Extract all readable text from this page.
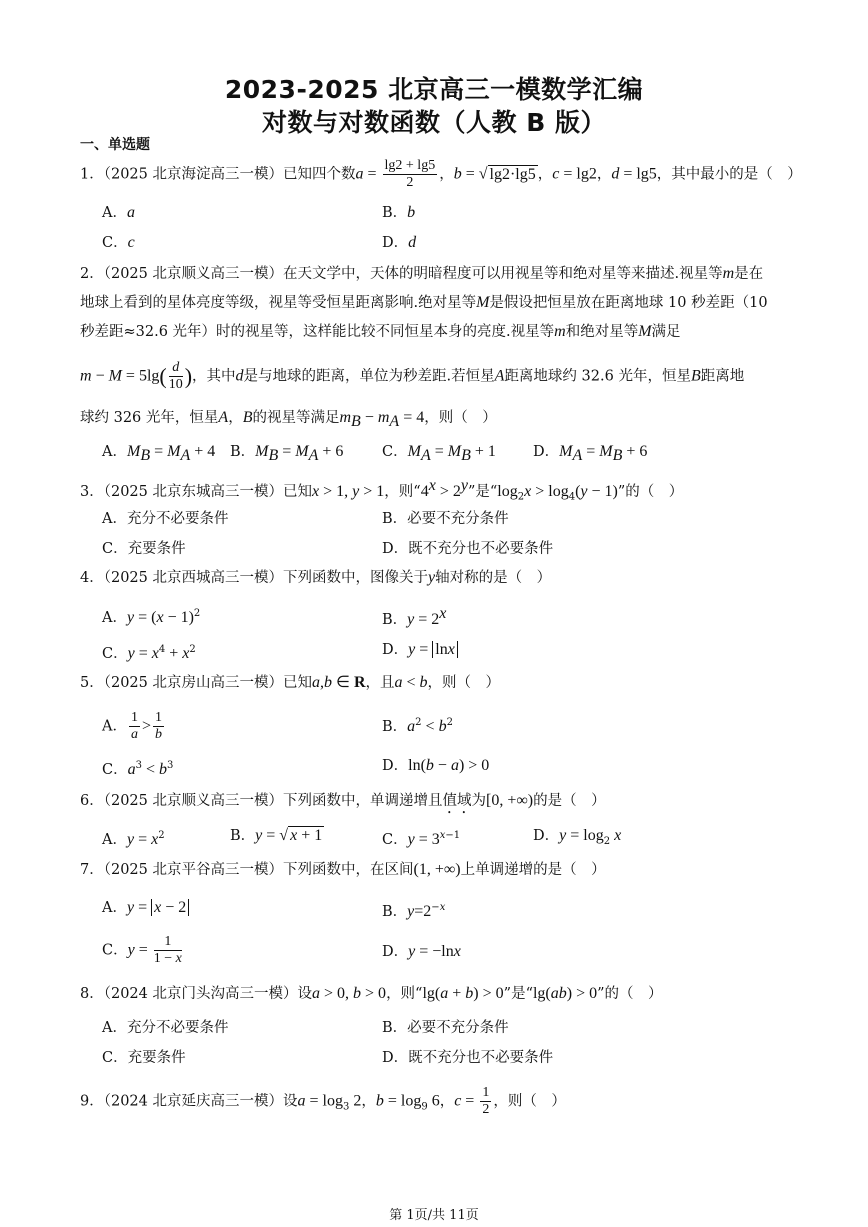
2023-2025 北京高三一模数学汇编
对数与对数函数（人教 B 版）
一、单选题
1．（2025 北京海淀高三一模）已知四个数$a = \frac{\lg 2 + \lg 5}{2}$ ，b = √ lg2·lg5 ，c = lg2，d = lg5，其中最小的是（　）
A．a	B．b
C．c	D．d
2．（2025 北京顺义高三一模）在天文学中，天体的明暗程度可以用视星等和绝对星等来描述.视星等m是在
地球上看到的星体亮度等级，视星等受恒星距离影响.绝对星等M是假设把恒星放在距离地球 10 秒差距（10
秒差距≈32.6 光年）时的视星等，这样能比较不同恒星本身的亮度.视星等m和绝对星等M满足
$m - M = 5\lg( \frac{d}{10}$ )，其中d是与地球的距离，单位为秒差距.若恒星A距离地球约 32.6 光年，恒星B距离地
球约 326 光年，恒星A，B的视星等满足$m_B - m_A = 4$，则（　）
A．$M_B = M_A + 4$ B．$M_B = M_A + 6$	C．$M_A = M_B + 1$	D．$M_A = M_B + 6$
3．（2025 北京东城高三一模）已知x > 1, y > 1，则“$4^x > 2^y$”是“$\log_2x > \log_4(y - 1)$”的（　）
A．充分不必要条件	B．必要不充分条件
C．充要条件	D．既不充分也不必要条件
4．（2025 北京西城高三一模）下列函数中，图像关于y轴对称的是（　）
A．$y = (x - 1)^2$	B．$y = 2^x$
C．$y = x^4 + x^2$	D．y = lnx
5．（2025 北京房山高三一模）已知a,b ∈ R，且a < b，则（　）
A． $\frac{1}{a} > \frac{1}{b}$	B．$a^2 < b^2$
C．$a^3 < b^3$	D．ln(b − a) > 0
6．（2025 北京顺义高三一模）下列函数中，单调递增且值域为[0, +∞)的是（　）
A．$y = x^2$	B．y = √ x + 1	C．$y = 3^{x-1}$	D．$y = \log_2 x$
7．（2025 北京平谷高三一模）下列函数中，在区间(1, +∞)上单调递增的是（　）
A．y = x − 2	B．$y=2^{-x}$
C．$y = \frac{1}{1 - x}$	D．y = −lnx
8．（2024 北京门头沟高三一模）设a > 0, b > 0，则“lg(a + b) > 0”是“lg(ab) > 0”的（　）
A．充分不必要条件	B．必要不充分条件
C．充要条件	D．既不充分也不必要条件
9．（2024 北京延庆高三一模）设$a = \log_3 2$，$b = \log_9 6$，$c = \frac{1}{2}$ ，则（　）
第 1页/共 11页
